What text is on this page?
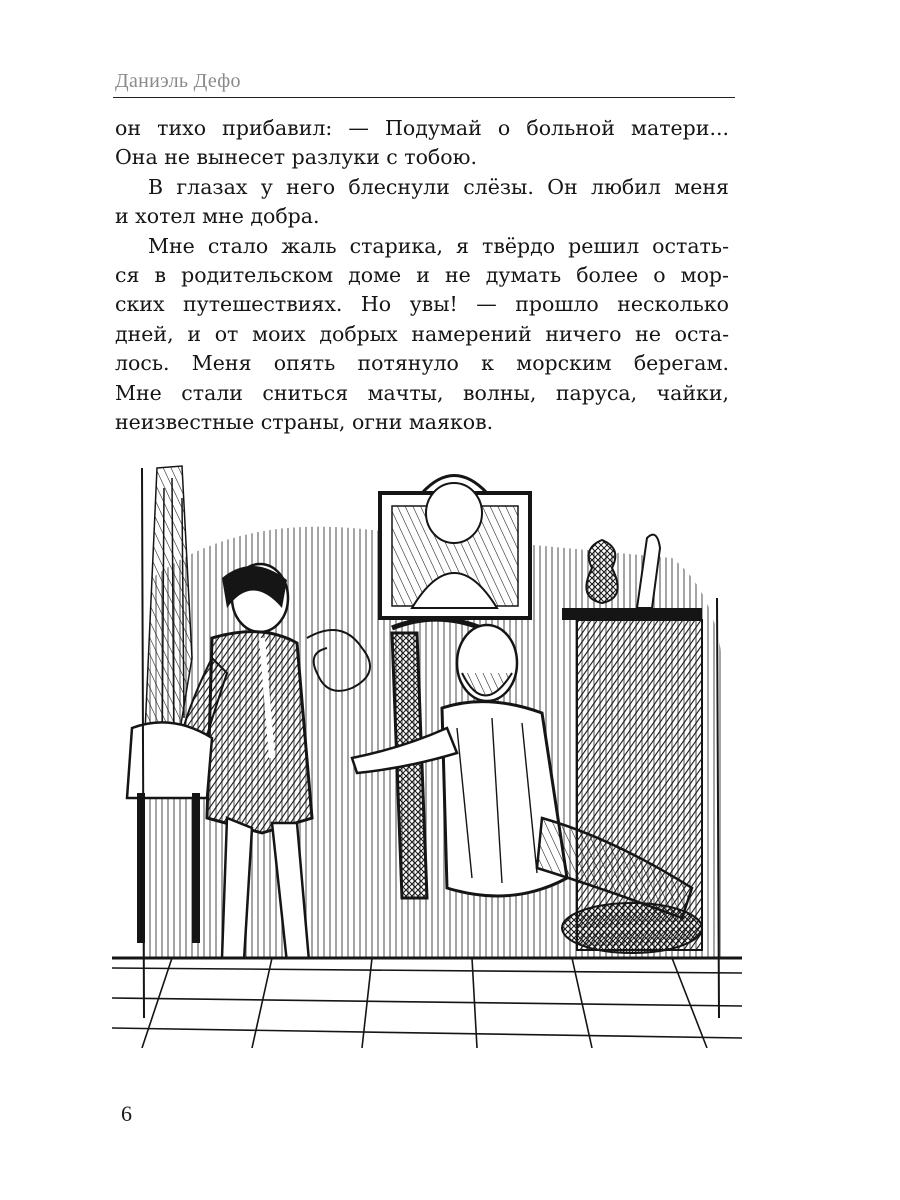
Даниэль Дефо
он тихо прибавил: — Подумай о больной матери...
Она не вынесет разлуки с тобою.
В глазах у него блеснули слёзы. Он любил меня
и хотел мне добра.
Мне стало жаль старика, я твёрдо решил остать-
ся в родительском доме и не думать более о мор-
ских путешествиях. Но увы! — прошло несколько
дней, и от моих добрых намерений ничего не оста-
лось. Меня опять потянуло к морским берегам.
Мне стали сниться мачты, волны, паруса, чайки,
неизвестные страны, огни маяков.
6
